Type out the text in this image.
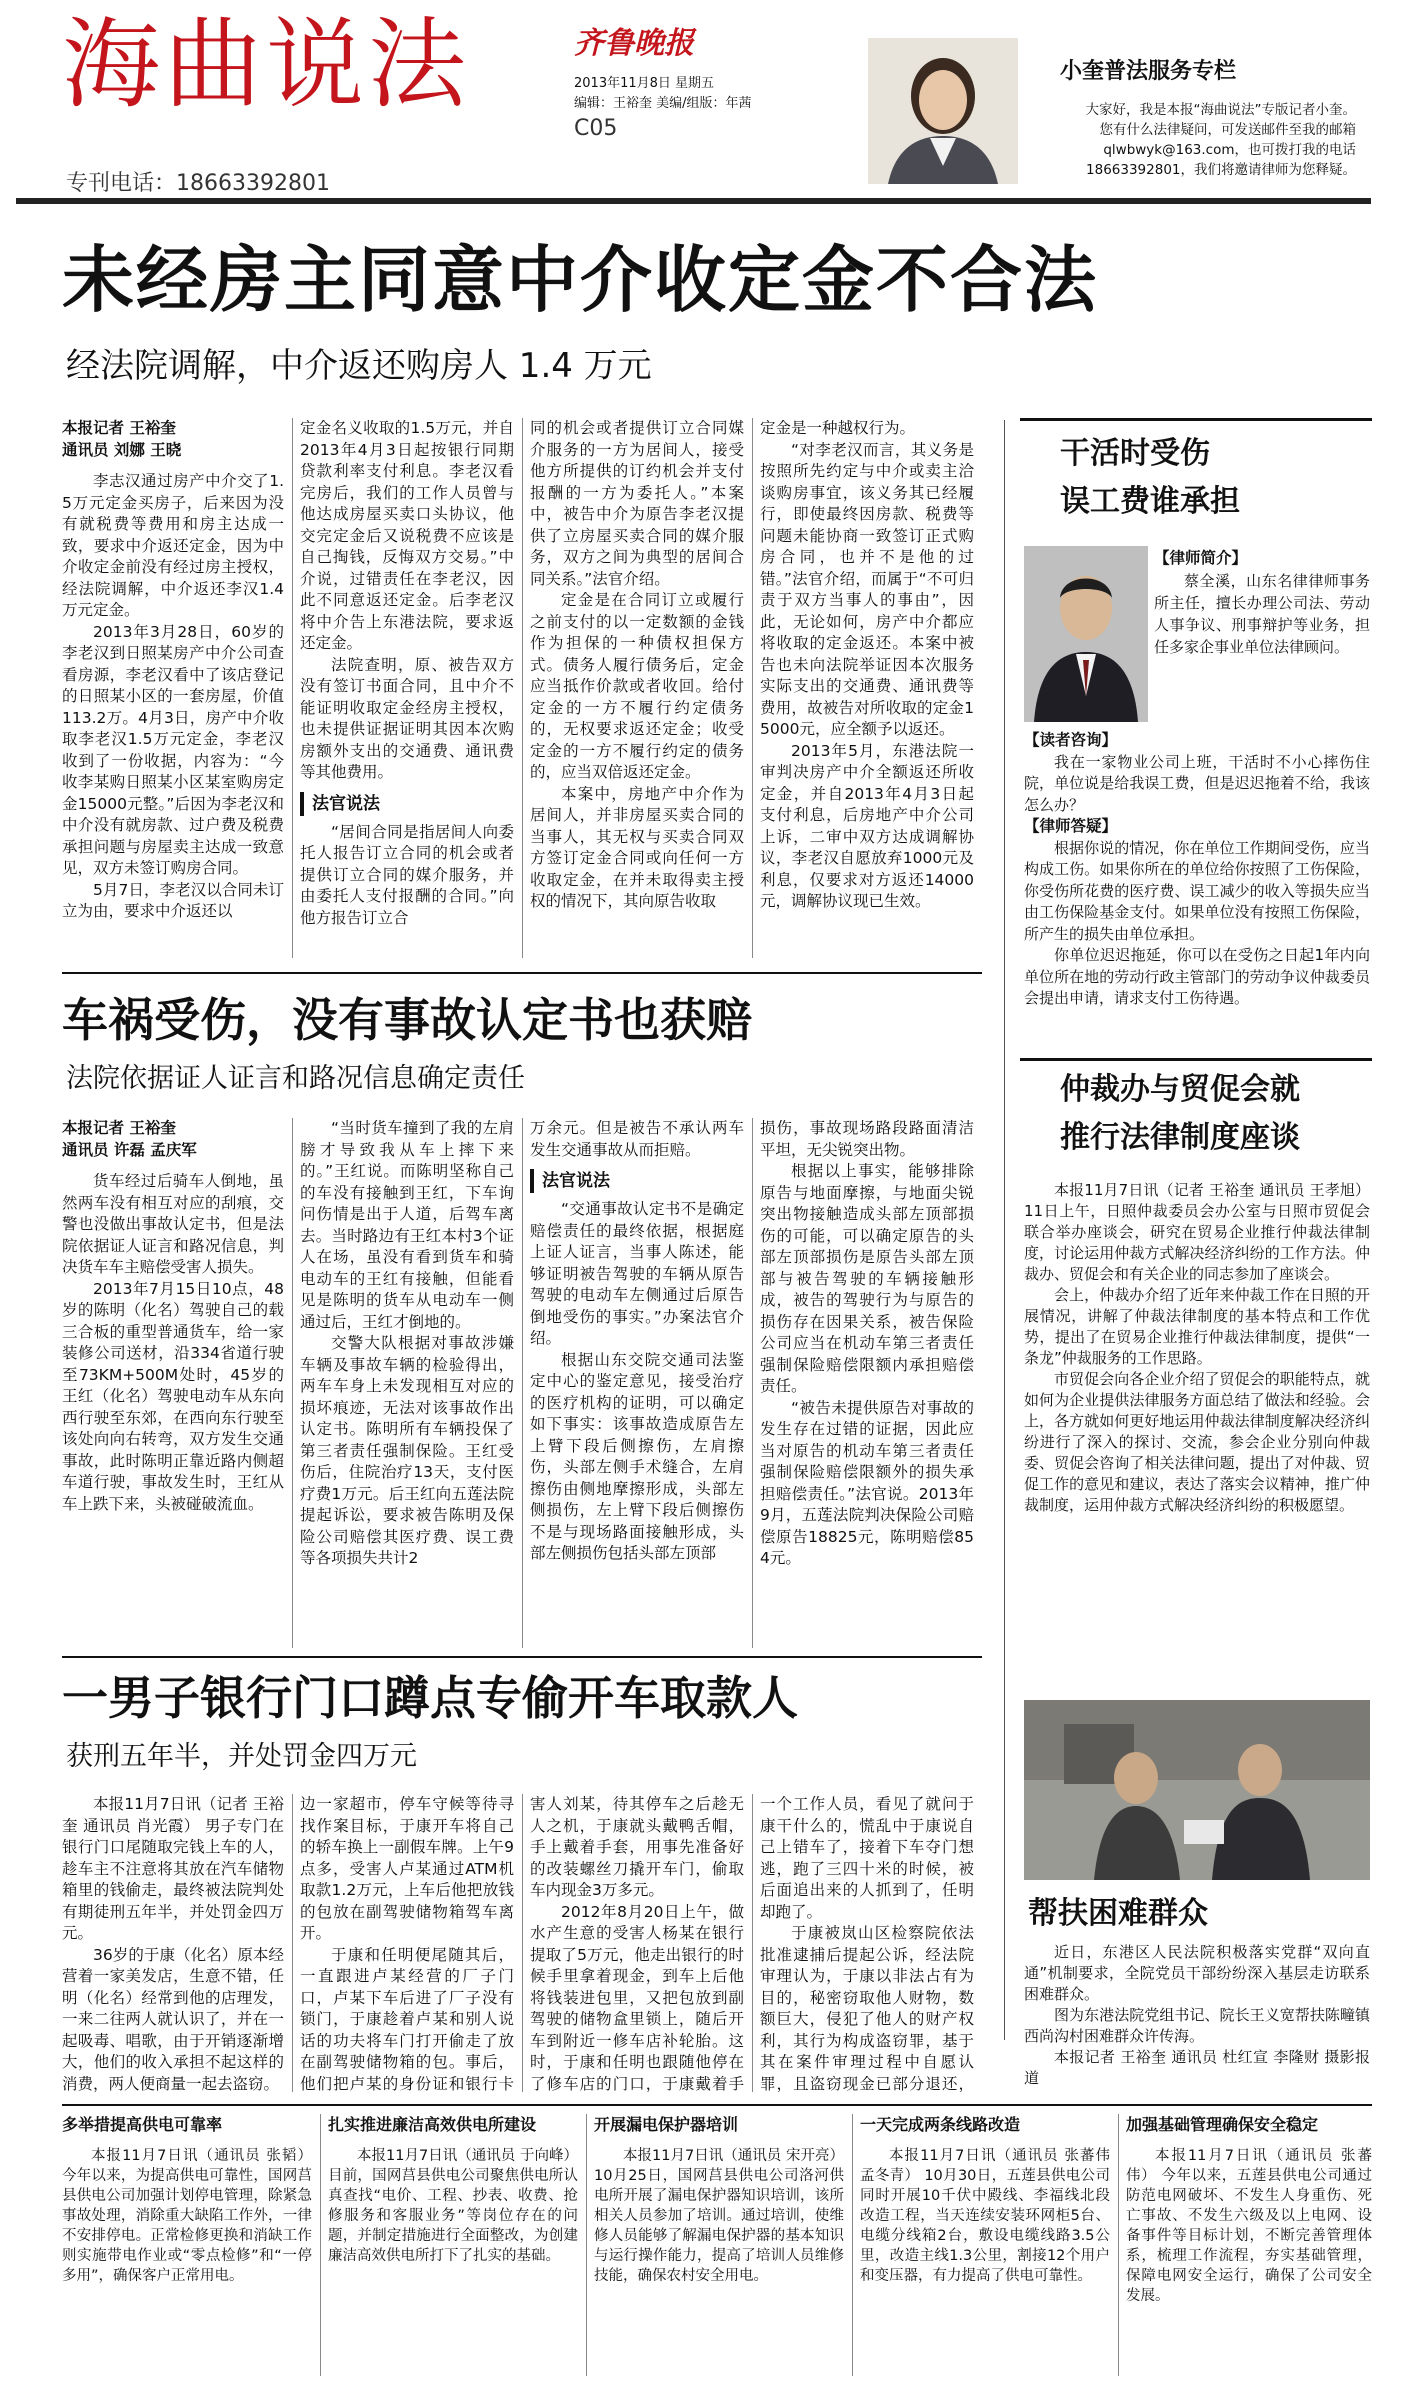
海曲说法	齐鲁晚报
2013年11月8日 星期五
编辑：王裕奎 美编/组版：年茜
C05
专刊电话：18663392801
小奎普法服务专栏
大家好，我是本报“海曲说法”专版记者小奎。
您有什么法律疑问，可发送邮件至我的邮箱
qlwbwyk@163.com，也可拨打我的电话
18663392801，我们将邀请律师为您释疑。
未经房主同意中介收定金不合法
经法院调解，中介返还购房人 1.4 万元
本报记者 王裕奎
通讯员 刘娜 王晓

李志汉通过房产中介交了1.5万元定金买房子，后来因为没有就税费等费用和房主达成一致，要求中介返还定金，因为中介收定金前没有经过房主授权，经法院调解，中介返还李汉1.4万元定金。

2013年3月28日，60岁的李老汉到日照某房产中介公司查看房源，李老汉看中了该店登记的日照某小区的一套房屋，价值113.2万。4月3日，房产中介收取李老汉1.5万元定金，李老汉收到了一份收据，内容为：“今收李某购日照某小区某室购房定金15000元整。”后因为李老汉和中介没有就房款、过户费及税费承担问题与房屋卖主达成一致意见，双方未签订购房合同。

5月7日，李老汉以合同未订立为由，要求中介返还以

定金名义收取的1.5万元，并自2013年4月3日起按银行同期贷款利率支付利息。李老汉看完房后，我们的工作人员曾与他达成房屋买卖口头协议，他交完定金后又说税费不应该是自己掏钱，反悔双方交易。”中介说，过错责任在李老汉，因此不同意返还定金。后李老汉将中介告上东港法院，要求返还定金。

法院查明，原、被告双方没有签订书面合同，且中介不能证明收取定金经房主授权，也未提供证据证明其因本次购房额外支出的交通费、通讯费等其他费用。

法官说法

“居间合同是指居间人向委托人报告订立合同的机会或者提供订立合同的媒介服务，并由委托人支付报酬的合同。”向他方报告订立合

同的机会或者提供订立合同媒介服务的一方为居间人，接受他方所提供的订约机会并支付报酬的一方为委托人。”本案中，被告中介为原告李老汉提供了立房屋买卖合同的媒介服务，双方之间为典型的居间合同关系。”法官介绍。

定金是在合同订立或履行之前支付的以一定数额的金钱作为担保的一种债权担保方式。债务人履行债务后，定金应当抵作价款或者收回。给付定金的一方不履行约定债务的，无权要求返还定金；收受定金的一方不履行约定的债务的，应当双倍返还定金。

本案中，房地产中介作为居间人，并非房屋买卖合同的当事人，其无权与买卖合同双方签订定金合同或向任何一方收取定金，在并未取得卖主授权的情况下，其向原告收取

定金是一种越权行为。

“对李老汉而言，其义务是按照所先约定与中介或卖主洽谈购房事宜，该义务其已经履行，即使最终因房款、税费等问题未能协商一致签订正式购房合同，也并不是他的过错。”法官介绍，而属于“不可归责于双方当事人的事由”，因此，无论如何，房产中介都应将收取的定金返还。本案中被告也未向法院举证因本次服务实际支出的交通费、通讯费等费用，故被告对所收取的定金15000元，应全额予以返还。

2013年5月，东港法院一审判决房产中介全额返还所收定金，并自2013年4月3日起支付利息，后房地产中介公司上诉，二审中双方达成调解协议，李老汉自愿放弃1000元及利息，仅要求对方返还14000元，调解协议现已生效。

干活时受伤
误工费谁承担
【律师简介】

蔡全溪，山东名律律师事务所主任，擅长办理公司法、劳动人事争议、刑事辩护等业务，担任多家企事业单位法律顾问。

【读者咨询】

我在一家物业公司上班，干活时不小心摔伤住院，单位说是给我误工费，但是迟迟拖着不给，我该怎么办？

【律师答疑】

根据你说的情况，你在单位工作期间受伤，应当构成工伤。如果你所在的单位给你按照了工伤保险，你受伤所花费的医疗费、误工减少的收入等损失应当由工伤保险基金支付。如果单位没有按照工伤保险，所产生的损失由单位承担。

你单位迟迟拖延，你可以在受伤之日起1年内向单位所在地的劳动行政主管部门的劳动争议仲裁委员会提出申请，请求支付工伤待遇。

车祸受伤，没有事故认定书也获赔
法院依据证人证言和路况信息确定责任
本报记者 王裕奎
通讯员 许磊 孟庆军

货车经过后骑车人倒地，虽然两车没有相互对应的刮痕，交警也没做出事故认定书，但是法院依据证人证言和路况信息，判决货车车主赔偿受害人损失。

2013年7月15日10点，48岁的陈明（化名）驾驶自己的载三合板的重型普通货车，给一家装修公司送材，沿334省道行驶至73KM+500M处时，45岁的王红（化名）驾驶电动车从东向西行驶至东郊，在西向东行驶至该处向向右转弯，双方发生交通事故，此时陈明正靠近路内侧超车道行驶，事故发生时，王红从车上跌下来，头被碰破流血。

“当时货车撞到了我的左肩膀才导致我从车上摔下来的。”王红说。而陈明坚称自己的车没有接触到王红，下车询问伤情是出于人道，后驾车离去。当时路边有王红本村3个证人在场，虽没有看到货车和骑电动车的王红有接触，但能看见是陈明的货车从电动车一侧通过后，王红才倒地的。

交警大队根据对事故涉嫌车辆及事故车辆的检验得出，两车车身上未发现相互对应的损坏痕迹，无法对该事故作出认定书。陈明所有车辆投保了第三者责任强制保险。王红受伤后，住院治疗13天，支付医疗费1万元。后王红向五莲法院提起诉讼，要求被告陈明及保险公司赔偿其医疗费、误工费等各项损失共计2

万余元。但是被告不承认两车发生交通事故从而拒赔。

法官说法

“交通事故认定书不是确定赔偿责任的最终依据，根据庭上证人证言，当事人陈述，能够证明被告驾驶的车辆从原告驾驶的电动车左侧通过后原告倒地受伤的事实。”办案法官介绍。

根据山东交院交通司法鉴定中心的鉴定意见，接受治疗的医疗机构的证明，可以确定如下事实：该事故造成原告左上臂下段后侧擦伤，左肩擦伤，头部左侧手术缝合，左肩擦伤由侧地摩擦形成，头部左侧损伤，左上臂下段后侧擦伤不是与现场路面接触形成，头部左侧损伤包括头部左顶部

损伤，事故现场路段路面清洁平坦，无尖锐突出物。

根据以上事实，能够排除原告与地面摩擦，与地面尖锐突出物接触造成头部左顶部损伤的可能，可以确定原告的头部左顶部损伤是原告头部左顶部与被告驾驶的车辆接触形成，被告的驾驶行为与原告的损伤存在因果关系，被告保险公司应当在机动车第三者责任强制保险赔偿限额内承担赔偿责任。

“被告未提供原告对事故的发生存在过错的证据，因此应当对原告的机动车第三者责任强制保险赔偿限额外的损失承担赔偿责任。”法官说。2013年9月，五莲法院判决保险公司赔偿原告18825元，陈明赔偿854元。

仲裁办与贸促会就
推行法律制度座谈

本报11月7日讯（记者 王裕奎 通讯员 王孝旭） 11日上午，日照仲裁委员会办公室与日照市贸促会联合举办座谈会，研究在贸易企业推行仲裁法律制度，讨论运用仲裁方式解决经济纠纷的工作方法。仲裁办、贸促会和有关企业的同志参加了座谈会。

会上，仲裁办介绍了近年来仲裁工作在日照的开展情况，讲解了仲裁法律制度的基本特点和工作优势，提出了在贸易企业推行仲裁法律制度，提供“一条龙”仲裁服务的工作思路。

市贸促会向各企业介绍了贸促会的职能特点，就如何为企业提供法律服务方面总结了做法和经验。会上，各方就如何更好地运用仲裁法律制度解决经济纠纷进行了深入的探讨、交流，参会企业分别向仲裁委、贸促会咨询了相关法律问题，提出了对仲裁、贸促工作的意见和建议，表达了落实会议精神，推广仲裁制度，运用仲裁方式解决经济纠纷的积极愿望。

一男子银行门口蹲点专偷开车取款人
获刑五年半，并处罚金四万元

本报11月7日讯（记者 王裕奎 通讯员 肖光霞） 男子专门在银行门口尾随取完钱上车的人，趁车主不注意将其放在汽车储物箱里的钱偷走，最终被法院判处有期徒刑五年半，并处罚金四万元。

36岁的于康（化名）原本经营着一家美发店，生意不错，任明（化名）经常到他的店理发，一来二往两人就认识了，并在一起吸毒、唱歌，由于开销逐渐增大，他们的收入承担不起这样的消费，两人便商量一起去盗窃。

边一家超市，停车守候等待寻找作案目标，于康开车将自己的轿车换上一副假车牌。上午9点多，受害人卢某通过ATM机取款1.2万元，上车后他把放钱的包放在副驾驶储物箱驾车离开。

于康和任明便尾随其后，一直跟进卢某经营的厂子门口，卢某下车后进了厂子没有锁门，于康趁着卢某和别人说话的功夫将车门打开偷走了放在副驾驶储物箱的包。事后，他们把卢某的身份证和银行卡

害人刘某，待其停车之后趁无人之机，于康就头戴鸭舌帽，手上戴着手套，用事先准备好的改装螺丝刀撬开车门，偷取车内现金3万多元。

2012年8月20日上午，做水产生意的受害人杨某在银行提取了5万元，他走出银行的时候手里拿着现金，到车上后他将钱装进包里，又把包放到副驾驶的储物盒里锁上，随后开车到附近一修车店补轮胎。这时，于康和任明也跟随他停在了修车店的门口，于康戴着手

一个工作人员，看见了就问于康干什么的，慌乱中于康说自己上错车了，接着下车夺门想逃，跑了三四十米的时候，被后面追出来的人抓到了，任明却跑了。

于康被岚山区检察院依法批准逮捕后提起公诉，经法院审理认为，于康以非法占有为目的，秘密窃取他人财物，数额巨大，侵犯了他人的财产权利，其行为构成盗窃罪，基于其在案件审理过程中自愿认罪，且盗窃现金已部分退还，

帮扶困难群众

近日，东港区人民法院积极落实党群“双向直通”机制要求，全院党员干部纷纷深入基层走访联系困难群众。

图为东港法院党组书记、院长王义宽帮扶陈疃镇西尚沟村困难群众许传海。

本报记者 王裕奎 通讯员 杜红宣 李隆财 摄影报道

多举措提高供电可靠率

本报11月7日讯（通讯员 张韬） 今年以来，为提高供电可靠性，国网莒县供电公司加强计划停电管理，除紧急事故处理，消除重大缺陷工作外，一律不安排停电。正常检修更换和消缺工作则实施带电作业或“零点检修”和“一停多用”，确保客户正常用电。

扎实推进廉洁高效供电所建设

本报11月7日讯（通讯员 于向峰） 目前，国网莒县供电公司聚焦供电所认真查找“电价、工程、抄表、收费、抢修服务和客服业务”等岗位存在的问题，并制定措施进行全面整改，为创建廉洁高效供电所打下了扎实的基础。

开展漏电保护器培训

本报11月7日讯（通讯员 宋开亮） 10月25日，国网莒县供电公司洛河供电所开展了漏电保护器知识培训，该所相关人员参加了培训。通过培训，使维修人员能够了解漏电保护器的基本知识与运行操作能力，提高了培训人员维修技能，确保农村安全用电。

一天完成两条线路改造

本报11月7日讯（通讯员 张蕃伟 孟冬青） 10月30日，五莲县供电公司同时开展10千伏中殿线、李福线北段改造工程，当天连续安装环网柜5台、电缆分线箱2台，敷设电缆线路3.5公里，改造主线1.3公里，割接12个用户和变压器，有力提高了供电可靠性。

加强基础管理确保安全稳定

本报11月7日讯（通讯员 张蕃伟） 今年以来，五莲县供电公司通过防范电网破坏、不发生人身重伤、死亡事故、不发生六级及以上电网、设备事件等目标计划，不断完善管理体系，梳理工作流程，夯实基础管理，保障电网安全运行，确保了公司安全发展。
